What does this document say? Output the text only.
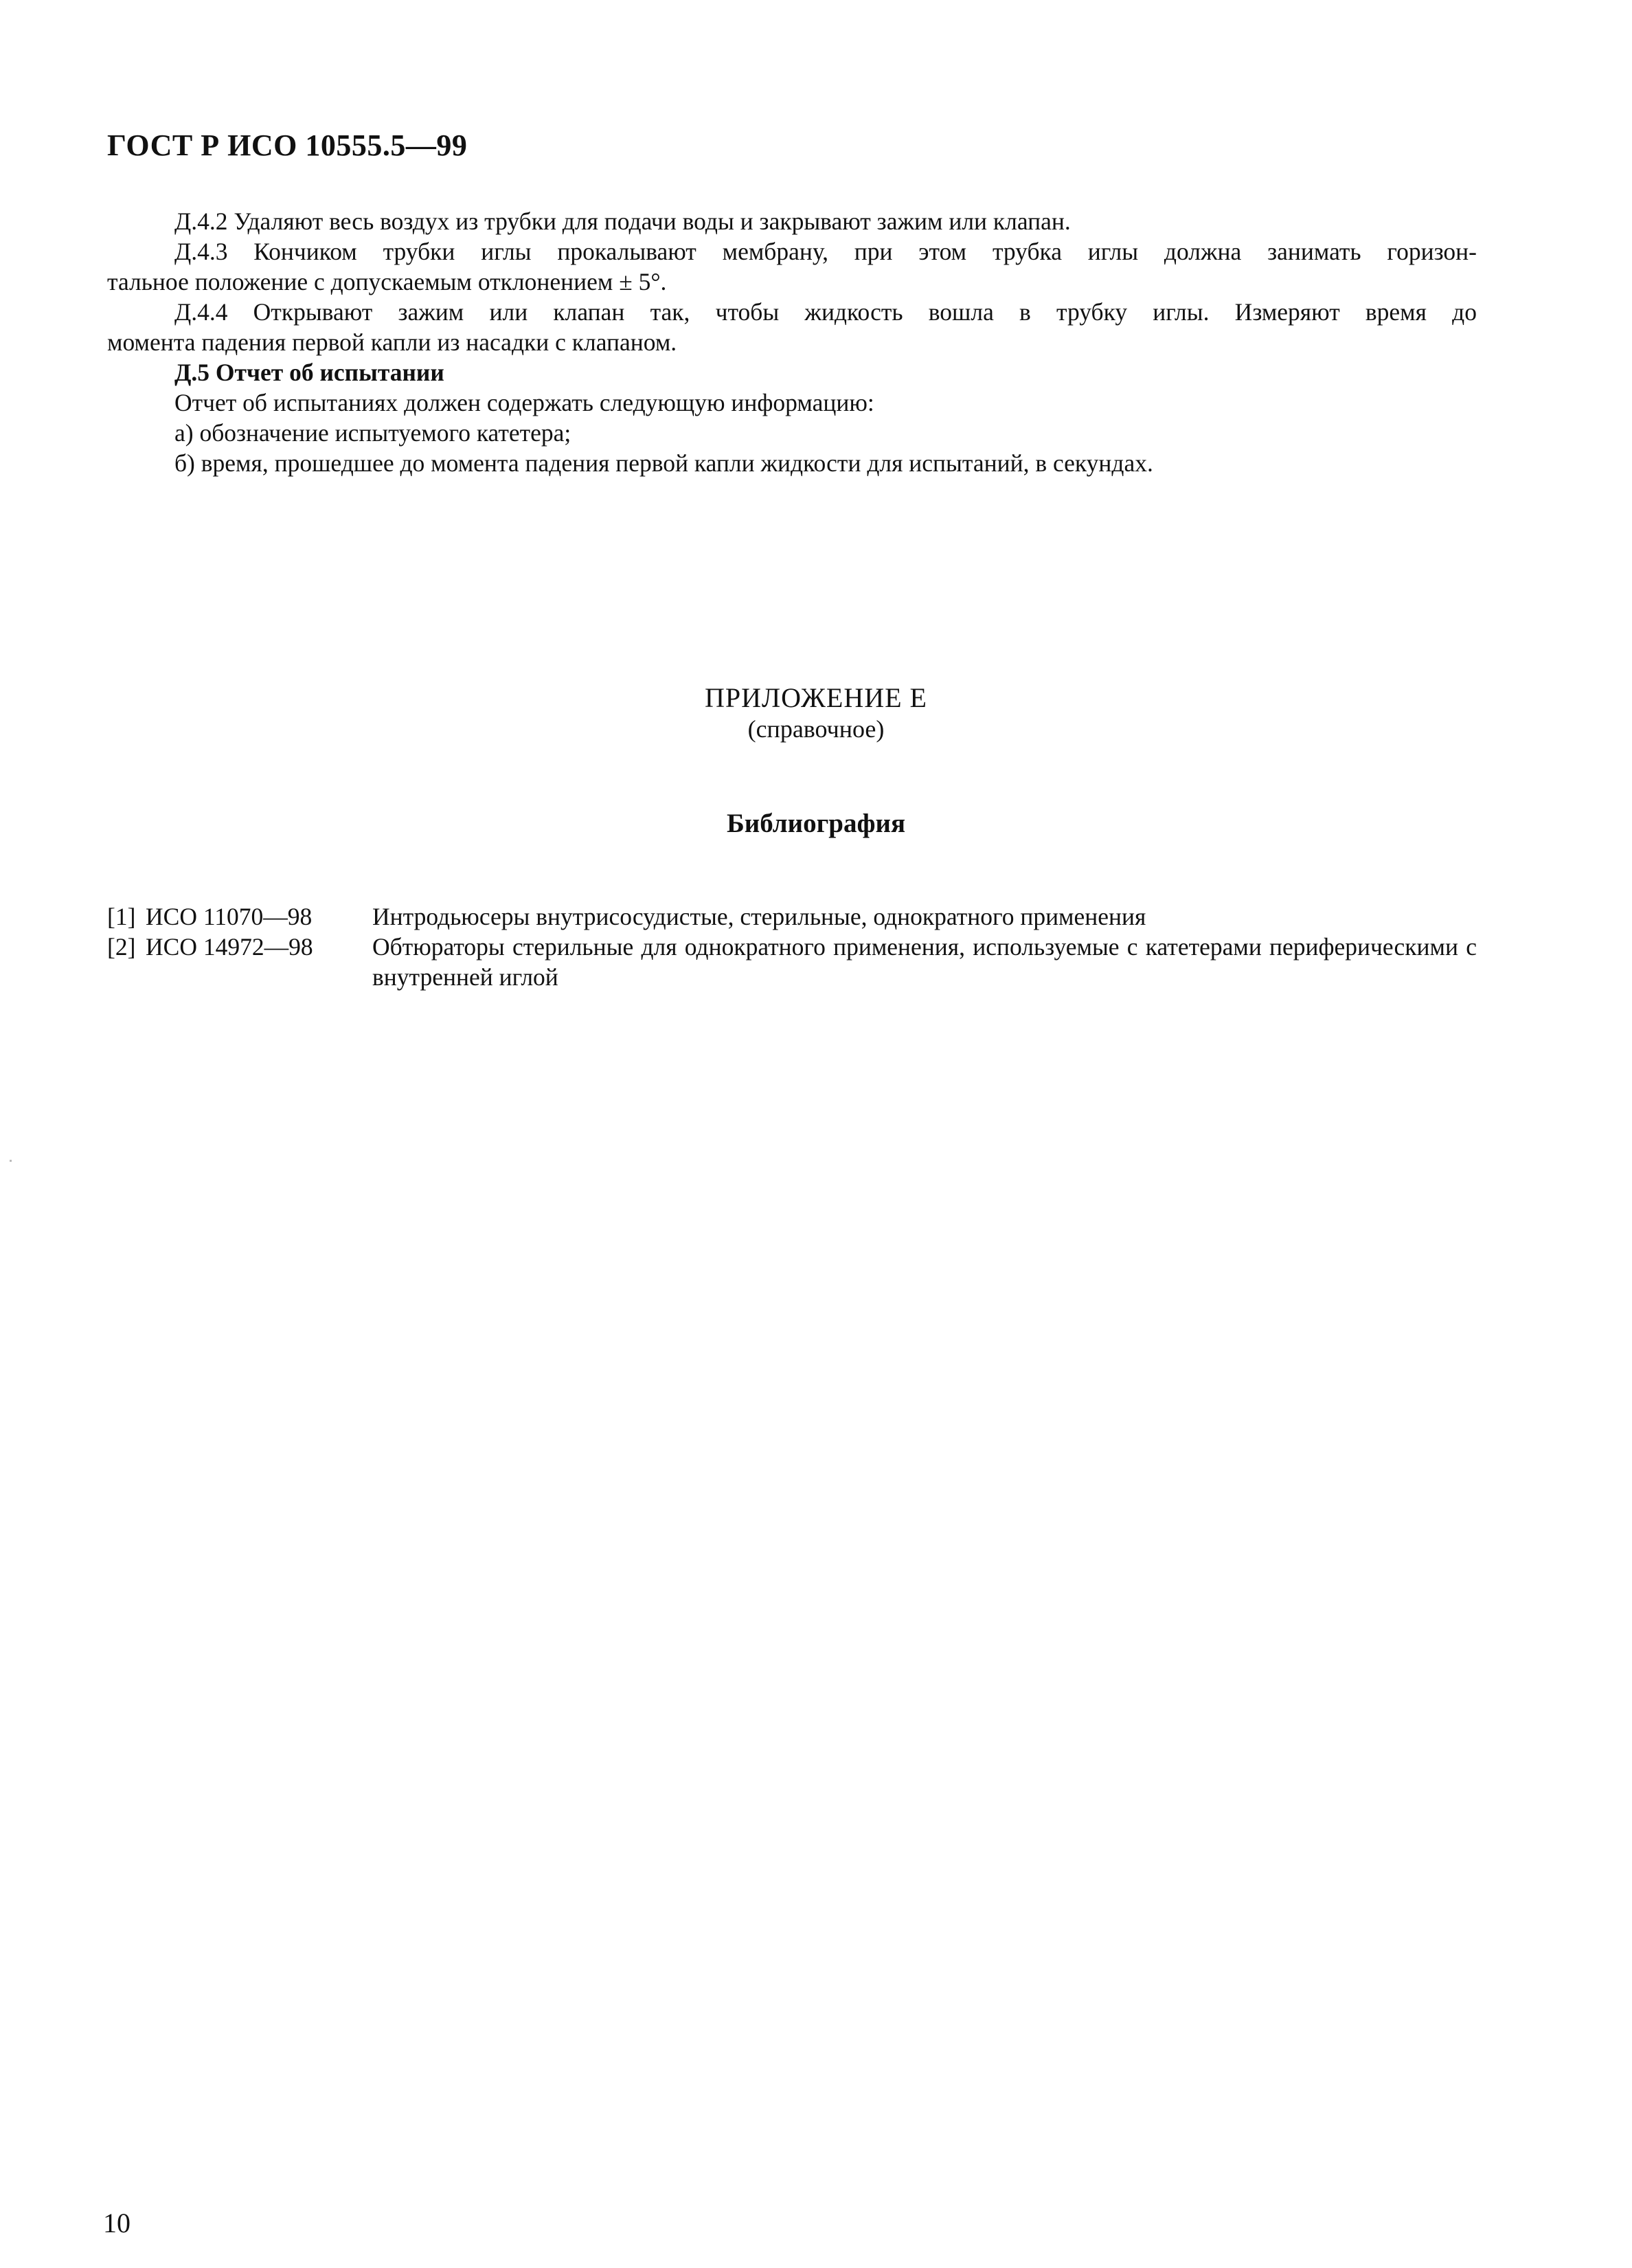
ГОСТ Р ИСО 10555.5—99

Д.4.2 Удаляют весь воздух из трубки для подачи воды и закрывают зажим или клапан.

Д.4.3 Кончиком трубки иглы прокалывают мембрану, при этом трубка иглы должна занимать горизон-

тальное положение с допускаемым отклонением ± 5°.

Д.4.4 Открывают зажим или клапан так, чтобы жидкость вошла в трубку иглы. Измеряют время до

момента падения первой капли из насадки с клапаном.

Д.5 Отчет об испытании

Отчет об испытаниях должен содержать следующую информацию:

а) обозначение испытуемого катетера;

б) время, прошедшее до момента падения первой капли жидкости для испытаний, в секундах.

ПРИЛОЖЕНИЕ Е
(справочное)
Библиография
[1] ИСО 11070—98	Интродьюсеры внутрисосудистые, стерильные, однократного применения
[2] ИСО 14972—98	Обтюраторы стерильные для однократного применения, используемые с катетерами периферическими с внутренней иглой
10
